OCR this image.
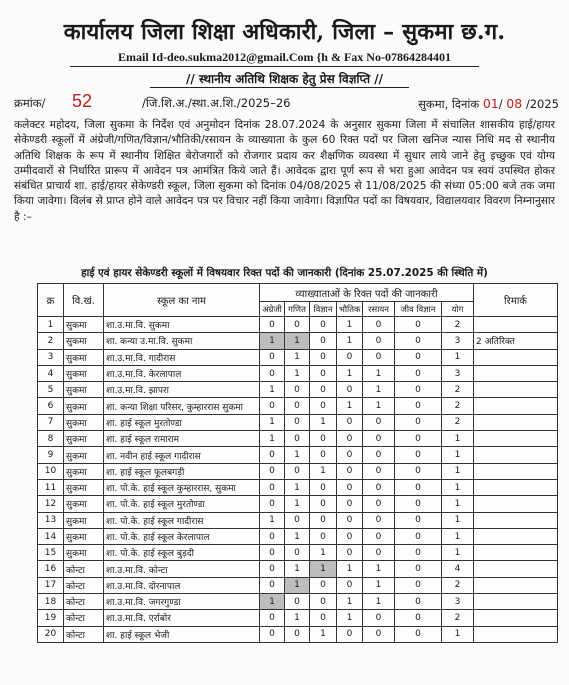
कार्यालय जिला शिक्षा अधिकारी, जिला – सुकमा छ.ग.
Email Id-deo.sukma2012@gmail.Com {h & Fax No-07864284401
// स्थानीय अतिथि शिक्षक हेतु प्रेस विज्ञप्ति //
क्रमांक/ 52	/जि.शि.अ./स्था.अ.शि./2025–26	सुकमा, दिनांक 01/ 08 /2025
कलेक्टर महोदय, जिला सुकमा के निर्देश एवं अनुमोदन दिनांक 28.07.2024 के अनुसार सुकमा जिला में संचालित शासकीय हाई/हायर सेकेण्डरी स्कूलों में अंग्रेजी/गणित/विज्ञान/भौतिकी/रसायन के व्याख्याता के कुल 60 रिक्त पदों पर जिला खनिज न्यास निधि मद से स्थानीय अतिथि शिक्षक के रूप में स्थानीय शिक्षित बेरोजगारों को रोजगार प्रदाय कर शैक्षणिक व्यवस्था में सुधार लाये जाने हेतु इच्छुक एवं योग्य उम्मीदवारों से निर्धारित प्रारूप में आवेदन पत्र आमंत्रित किये जाते हैं। आवेदक द्वारा पूर्ण रूप से भरा हुआ आवेदन पत्र स्वयं उपस्थित होकर संबंधित प्राचार्य शा. हाई/हायर सेकेण्डरी स्कूल, जिला सुकमा को दिनांक 04/08/2025 से 11/08/2025 की संध्या 05:00 बजे तक जमा किया जावेगा। विलंब से प्राप्त होने वाले आवेदन पत्र पर विचार नहीं किया जावेगा। विज्ञापित पदों का विषयवार, विद्यालयवार विवरण निम्नानुसार है :–
हाई एवं हायर सेकेण्डरी स्कूलों में विषयवार रिक्त पदों की जानकारी (दिनांक 25.07.2025 की स्थिति में)
क्र	वि.खं.	स्कूल का नाम	व्याख्याताओं के रिक्त पदों की जानकारी							रिमार्क
			अंग्रेजी	गणित	विज्ञान	भौतिक	रसायन	जीव विज्ञान	योग	
1	सुकमा	शा.उ.मा.वि. सुकमा	0	0	0	1	0	0	2	
2	सुकमा	शा. कन्या उ.मा.वि. सुकमा	1	1	0	1	0	0	3	2 अतिरिक्त
3	सुकमा	शा.उ.मा.वि. गादीरास	0	1	0	0	0	0	1	
4	सुकमा	शा.उ.मा.वि. केरलापाल	0	1	0	1	1	0	3	
5	सुकमा	शा.उ.मा.वि. झापरा	1	0	0	0	1	0	2	
6	सुकमा	शा. कन्या शिक्षा परिसर, कुम्हाररास सुकमा	0	0	0	1	1	0	2	
7	सुकमा	शा. हाई स्कूल मुरतोण्डा	1	0	1	0	0	0	2	
8	सुकमा	शा. हाई स्कूल रामाराम	1	0	0	0	0	0	1	
9	सुकमा	शा. नवीन हाई स्कूल गादीरास	0	1	0	0	0	0	1	
10	सुकमा	शा. हाई स्कूल फूलबगड़ी	0	0	1	0	0	0	1	
11	सुकमा	शा. पो.के. हाई स्कूल कुम्हाररास, सुकमा	0	1	0	0	0	0	1	
12	सुकमा	शा. पो.के. हाई स्कूल मुरतोण्डा	0	1	0	0	0	0	1	
13	सुकमा	शा. पो.के. हाई स्कूल गादीरास	1	0	0	0	0	0	1	
14	सुकमा	शा. पो.के. हाई स्कूल केरलापाल	0	1	0	0	0	0	1	
15	सुकमा	शा. पो.के. हाई स्कूल बुड़दी	0	0	1	0	0	0	1	
16	कोन्टा	शा.उ.मा.वि. कोन्टा	0	1	1	1	1	0	4	
17	कोन्टा	शा.उ.मा.वि. दोरनापाल	0	1	0	0	1	0	2	
18	कोन्टा	शा.उ.मा.वि. जगरगुण्डा	1	0	0	1	1	0	3	
19	कोन्टा	शा.उ.मा.वि. एर्राबोर	0	1	0	1	0	0	2	
20	कोन्टा	शा. हाई स्कूल भेजी	0	0	1	0	0	0	1	
